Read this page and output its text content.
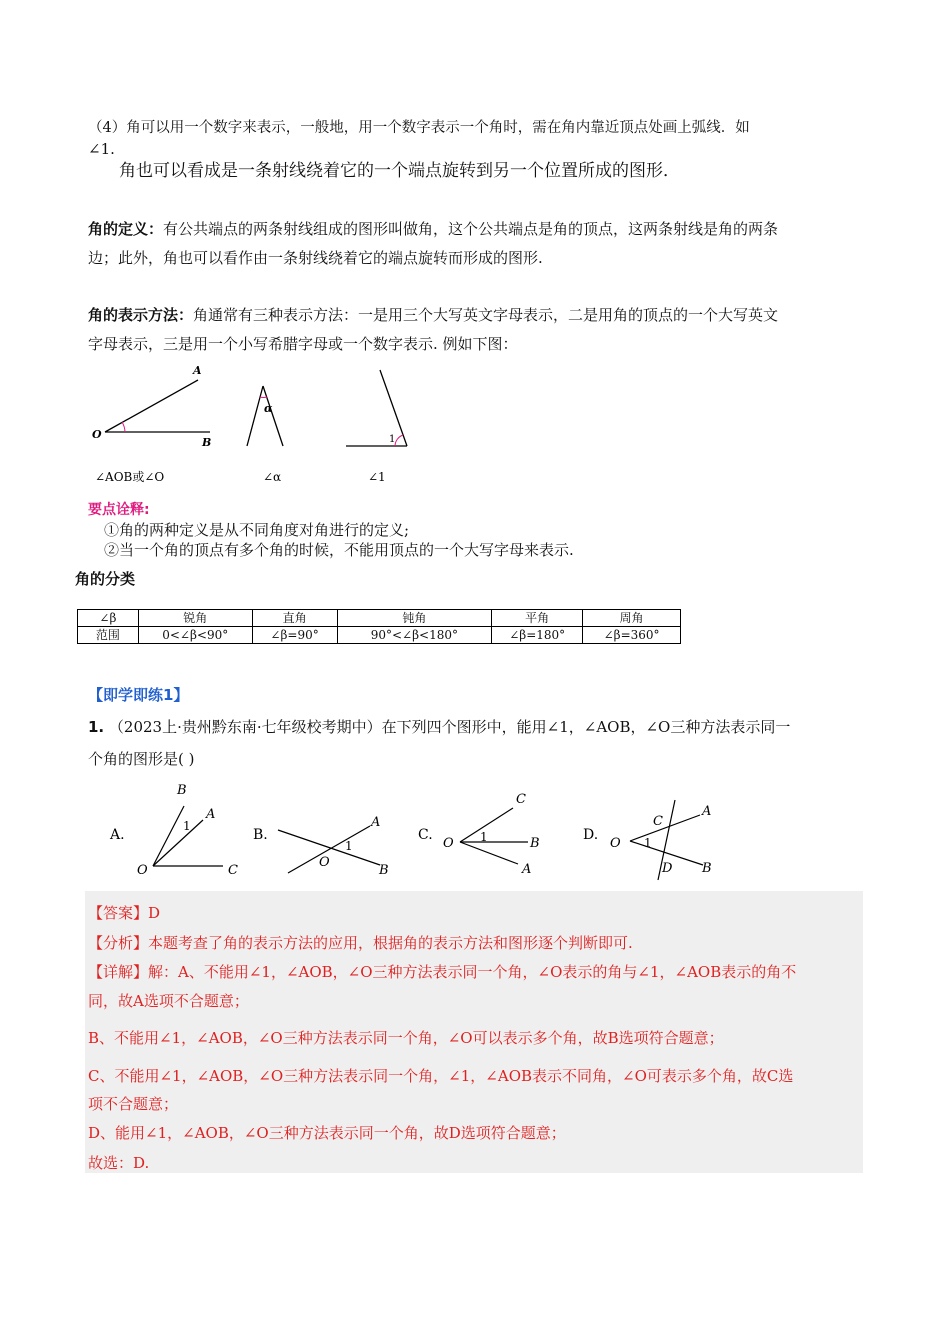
（4）角可以用一个数字来表示，一般地，用一个数字表示一个角时，需在角内靠近顶点处画上弧线．如
∠1.
角也可以看成是一条射线绕着它的一个端点旋转到另一个位置所成的图形．
角的定义：有公共端点的两条射线组成的图形叫做角，这个公共端点是角的顶点，这两条射线是角的两条
边；此外，角也可以看作由一条射线绕着它的端点旋转而形成的图形.
角的表示方法：角通常有三种表示方法：一是用三个大写英文字母表示，二是用角的顶点的一个大写英文
字母表示，三是用一个小写希腊字母或一个数字表示. 例如下图：
A
O
B
∠AOB或∠O
α
∠α
1
∠1
要点诠释:
①角的两种定义是从不同角度对角进行的定义;
②当一个角的顶点有多个角的时候，不能用顶点的一个大写字母来表示.
角的分类
∠β	锐角	直角	钝角	平角	周角
范围	0<∠β<90°	∠β=90°	90°<∠β<180°	∠β=180°	∠β=360°
【即学即练1】
1. （2023上·贵州黔东南·七年级校考期中）在下列四个图形中，能用∠1，∠AOB，∠O三种方法表示同一
个角的图形是( )
A.
B
A
1
O	C
B.
A
1
O
B
C.
C
1
O	B
A
D.
A
C
1
O
D B
【答案】D
【分析】本题考查了角的表示方法的应用，根据角的表示方法和图形逐个判断即可.
【详解】解：A、不能用∠1，∠AOB，∠O三种方法表示同一个角，∠O表示的角与∠1，∠AOB表示的角不
同，故A选项不合题意；
B、不能用∠1，∠AOB，∠O三种方法表示同一个角，∠O可以表示多个角，故B选项符合题意；
C、不能用∠1，∠AOB，∠O三种方法表示同一个角，∠1，∠AOB表示不同角，∠O可表示多个角，故C选
项不合题意；
D、能用∠1，∠AOB，∠O三种方法表示同一个角，故D选项符合题意；
故选：D.
